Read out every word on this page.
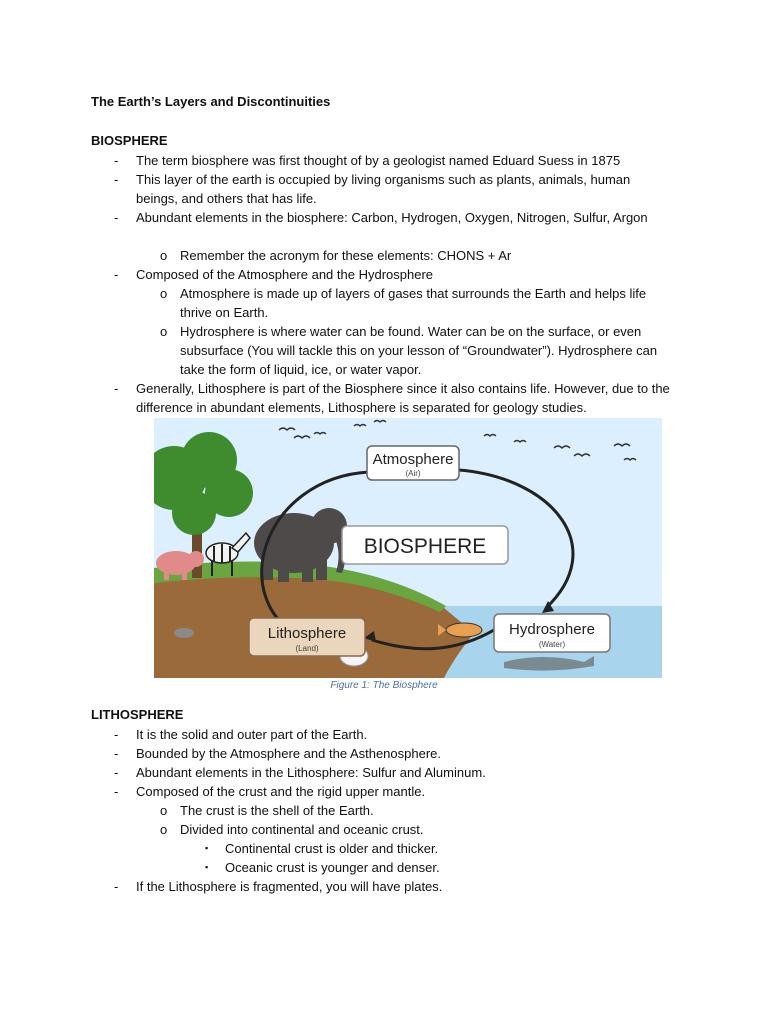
The Earth’s Layers and Discontinuities
BIOSPHERE
-	The term biosphere was first thought of by a geologist named Eduard Suess in 1875
-	This layer of the earth is occupied by living organisms such as plants, animals, human beings, and others that has life.
-	Abundant elements in the biosphere: Carbon, Hydrogen, Oxygen, Nitrogen, Sulfur, Argon
o Remember the acronym for these elements: CHONS + Ar
-	Composed of the Atmosphere and the Hydrosphere
o Atmosphere is made up of layers of gases that surrounds the Earth and helps life thrive on Earth.
o Hydrosphere is where water can be found. Water can be on the surface, or even subsurface (You will tackle this on your lesson of “Groundwater”). Hydrosphere can take the form of liquid, ice, or water vapor.
-	Generally, Lithosphere is part of the Biosphere since it also contains life. However, due to the difference in abundant elements, Lithosphere is separated for geology studies.
Atmosphere
(Air)
BIOSPHERE
Hydrosphere
(Water)
Lithosphere
(Land)
Figure 1: The Biosphere
LITHOSPHERE
-	It is the solid and outer part of the Earth.
-	Bounded by the Atmosphere and the Asthenosphere.
-	Abundant elements in the Lithosphere: Sulfur and Aluminum.
-	Composed of the crust and the rigid upper mantle.
o The crust is the shell of the Earth.
o Divided into continental and oceanic crust.
▪	Continental crust is older and thicker.
▪	Oceanic crust is younger and denser.
-	If the Lithosphere is fragmented, you will have plates.
